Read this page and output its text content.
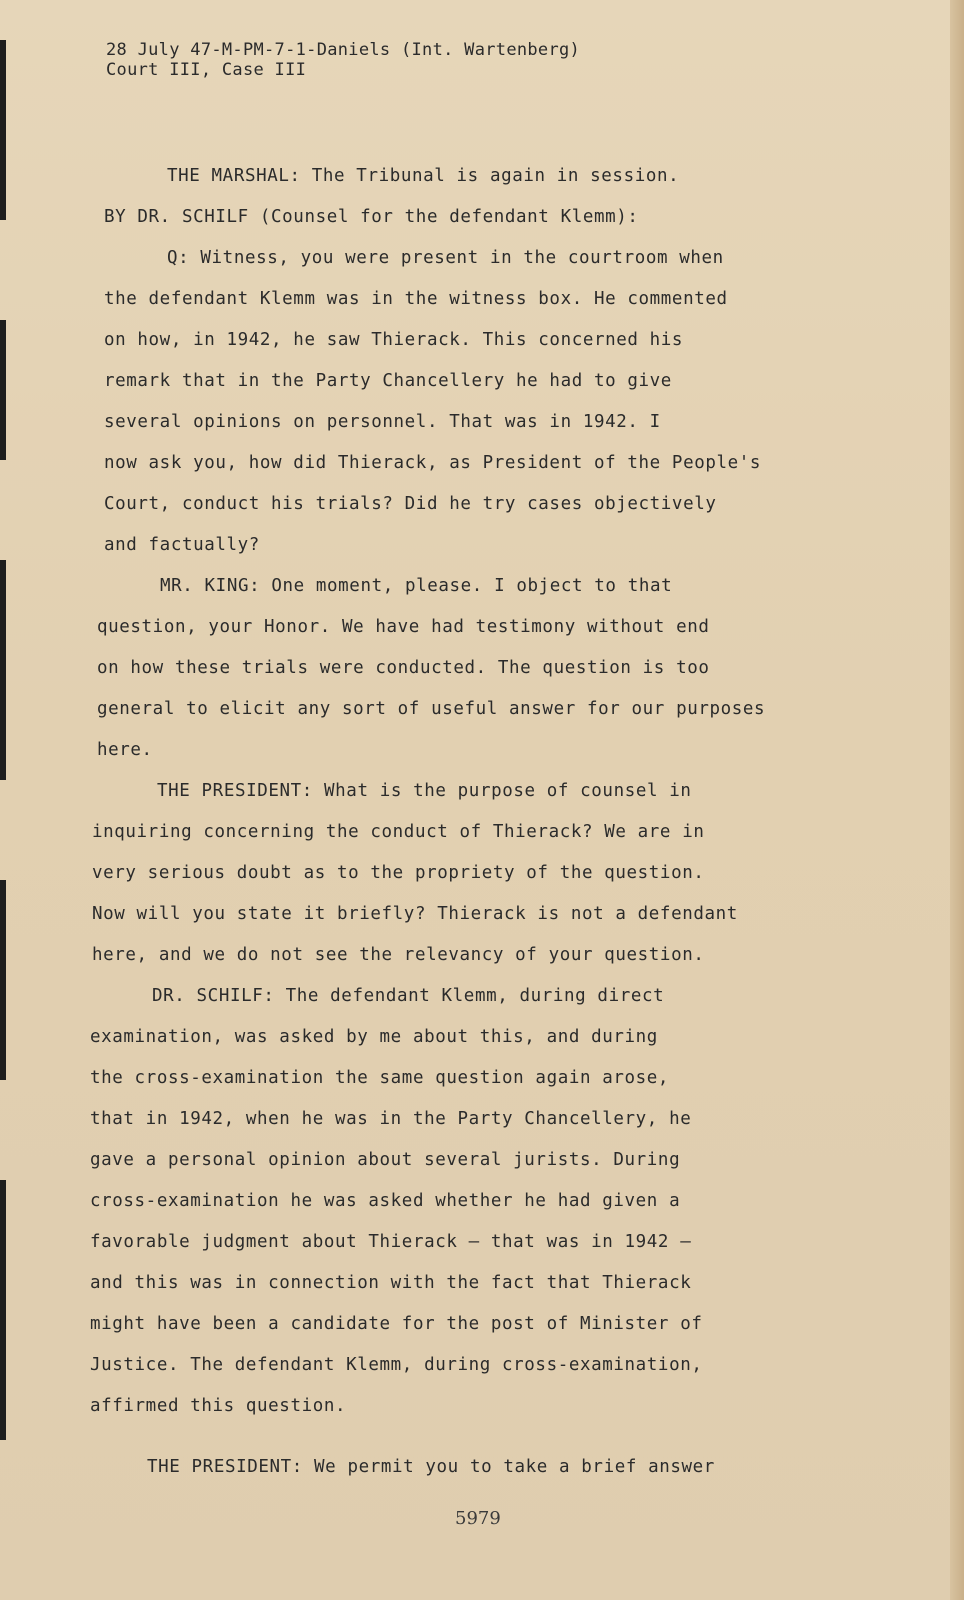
28 July 47-M-PM-7-1-Daniels (Int. Wartenberg)
Court III, Case III
THE MARSHAL: The Tribunal is again in session.
BY DR. SCHILF (Counsel for the defendant Klemm):
Q: Witness, you were present in the courtroom when
the defendant Klemm was in the witness box. He commented
on how, in 1942, he saw Thierack. This concerned his
remark that in the Party Chancellery he had to give
several opinions on personnel. That was in 1942. I
now ask you, how did Thierack, as President of the People's
Court, conduct his trials? Did he try cases objectively
and factually?
MR. KING: One moment, please. I object to that
question, your Honor. We have had testimony without end
on how these trials were conducted. The question is too
general to elicit any sort of useful answer for our purposes
here.
THE PRESIDENT: What is the purpose of counsel in
inquiring concerning the conduct of Thierack? We are in
very serious doubt as to the propriety of the question.
Now will you state it briefly? Thierack is not a defendant
here, and we do not see the relevancy of your question.
DR. SCHILF: The defendant Klemm, during direct
examination, was asked by me about this, and during
the cross-examination the same question again arose,
that in 1942, when he was in the Party Chancellery, he
gave a personal opinion about several jurists. During
cross-examination he was asked whether he had given a
favorable judgment about Thierack — that was in 1942 —
and this was in connection with the fact that Thierack
might have been a candidate for the post of Minister of
Justice. The defendant Klemm, during cross-examination,
affirmed this question.
THE PRESIDENT: We permit you to take a brief answer
5979
